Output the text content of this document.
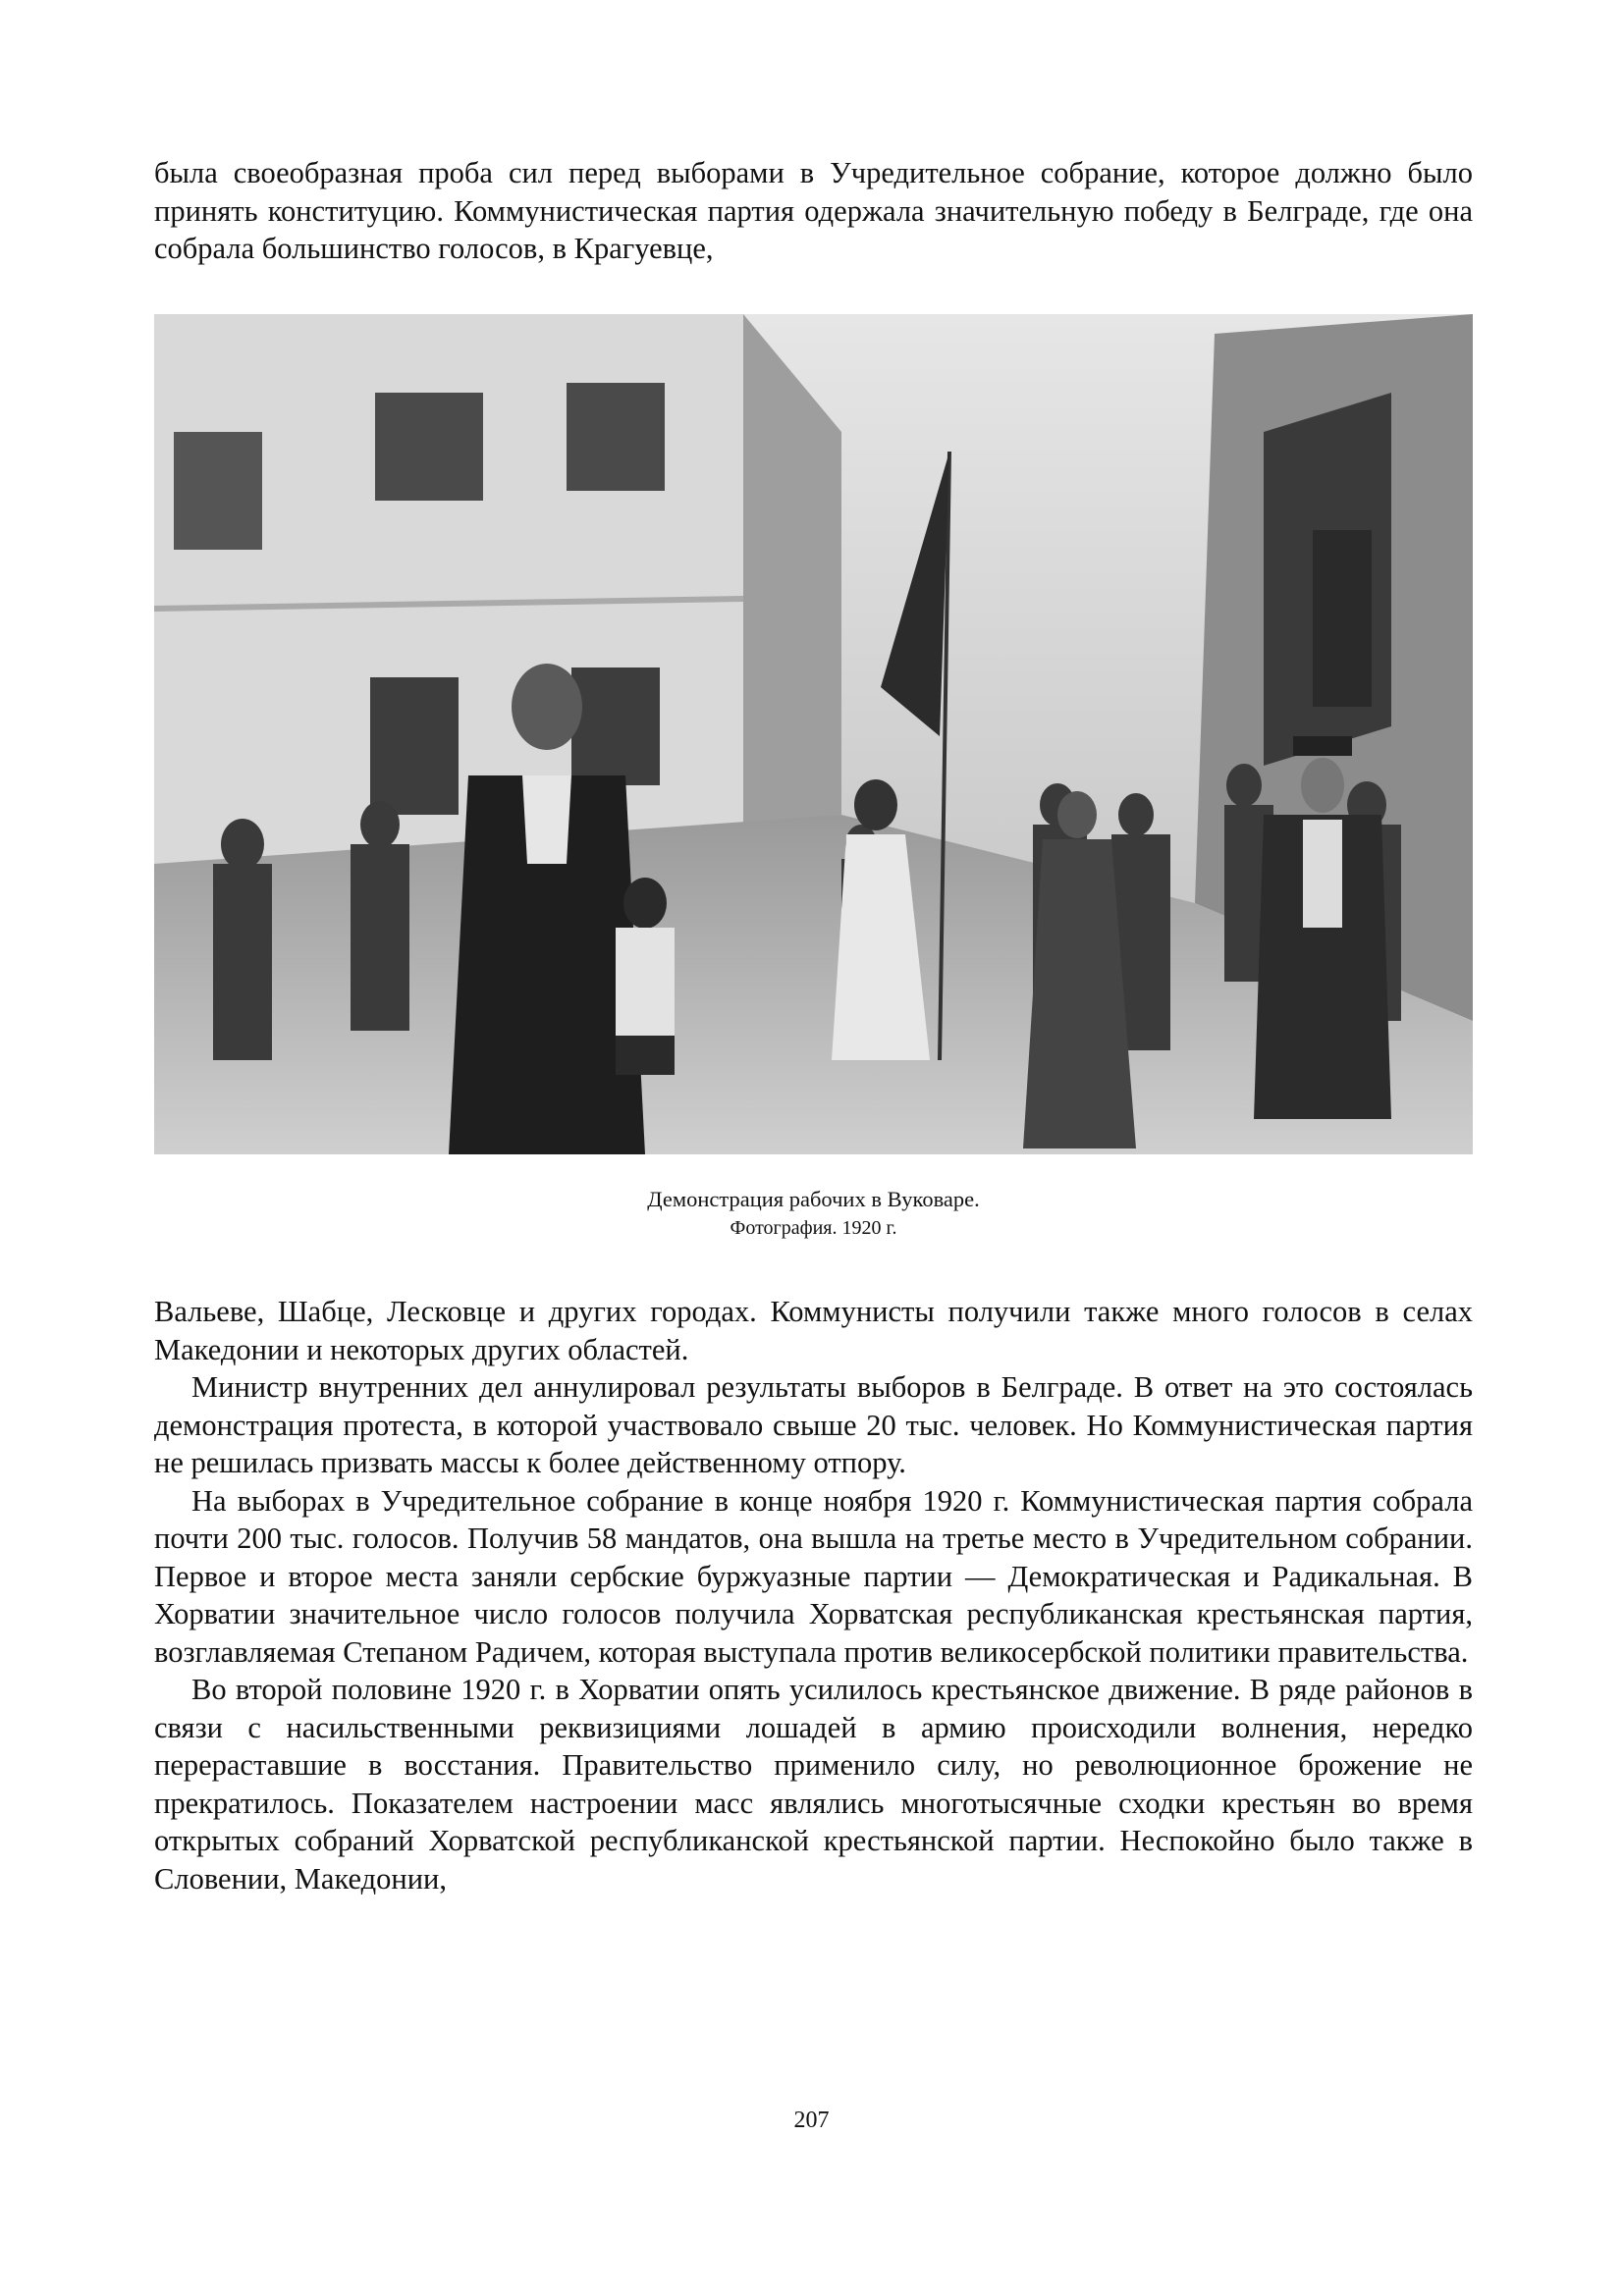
была своеобразная проба сил перед выборами в Учредительное собрание, которое должно было принять конституцию. Коммунистическая партия одержала значительную победу в Белграде, где она собрала большинство голосов, в Крагуевце,

Демонстрация рабочих в Вуковаре.
Фотография. 1920 г.

Вальеве, Шабце, Лесковце и других городах. Коммунисты получили также много голосов в селах Македонии и некоторых других областей.

Министр внутренних дел аннулировал результаты выборов в Белграде. В ответ на это состоялась демонстрация протеста, в которой участвовало свыше 20 тыс. человек. Но Коммунистическая партия не решилась призвать массы к более действенному отпору.

На выборах в Учредительное собрание в конце ноября 1920 г. Коммунистическая партия собрала почти 200 тыс. голосов. Получив 58 мандатов, она вышла на третье место в Учредительном собрании. Первое и второе места заняли сербские буржуазные партии — Демократическая и Радикальная. В Хорватии значительное число голосов получила Хорватская республиканская крестьянская партия, возглавляемая Степаном Радичем, которая выступала против великосербской политики правительства.

Во второй половине 1920 г. в Хорватии опять усилилось крестьянское движение. В ряде районов в связи с насильственными реквизициями лошадей в армию происходили волнения, нередко перераставшие в восстания. Правительство применило силу, но революционное брожение не прекратилось. Показателем настроении масс являлись многотысячные сходки крестьян во время открытых собраний Хорватской республиканской крестьянской партии. Неспокойно было также в Словении, Македонии,

207
